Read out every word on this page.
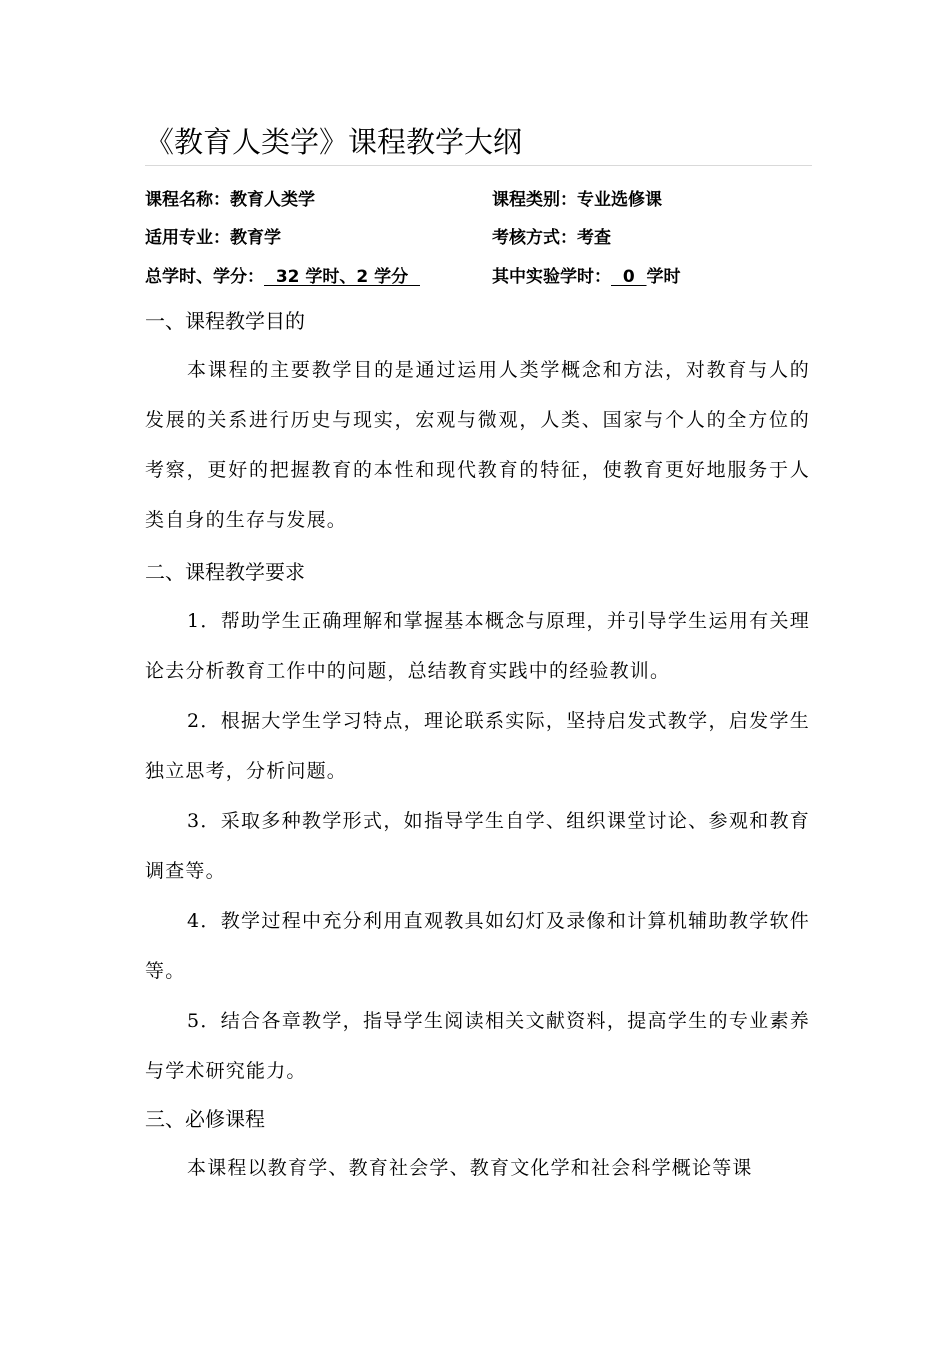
《教育人类学》课程教学大纲
课程名称：教育人类学	课程类别：专业选修课
适用专业：教育学	考核方式：考查
总学时、学分：  32 学时、2 学分	其中实验学时：  0  学时
一、课程教学目的

本课程的主要教学目的是通过运用人类学概念和方法，对教育与人的发展的关系进行历史与现实，宏观与微观，人类、国家与个人的全方位的考察，更好的把握教育的本性和现代教育的特征，使教育更好地服务于人类自身的生存与发展。

二、课程教学要求

1．帮助学生正确理解和掌握基本概念与原理，并引导学生运用有关理论去分析教育工作中的问题，总结教育实践中的经验教训。

2．根据大学生学习特点，理论联系实际，坚持启发式教学，启发学生独立思考，分析问题。

3．采取多种教学形式，如指导学生自学、组织课堂讨论、参观和教育调查等。

4．教学过程中充分利用直观教具如幻灯及录像和计算机辅助教学软件等。

5．结合各章教学，指导学生阅读相关文献资料，提高学生的专业素养与学术研究能力。

三、必修课程

本课程以教育学、教育社会学、教育文化学和社会科学概论等课
